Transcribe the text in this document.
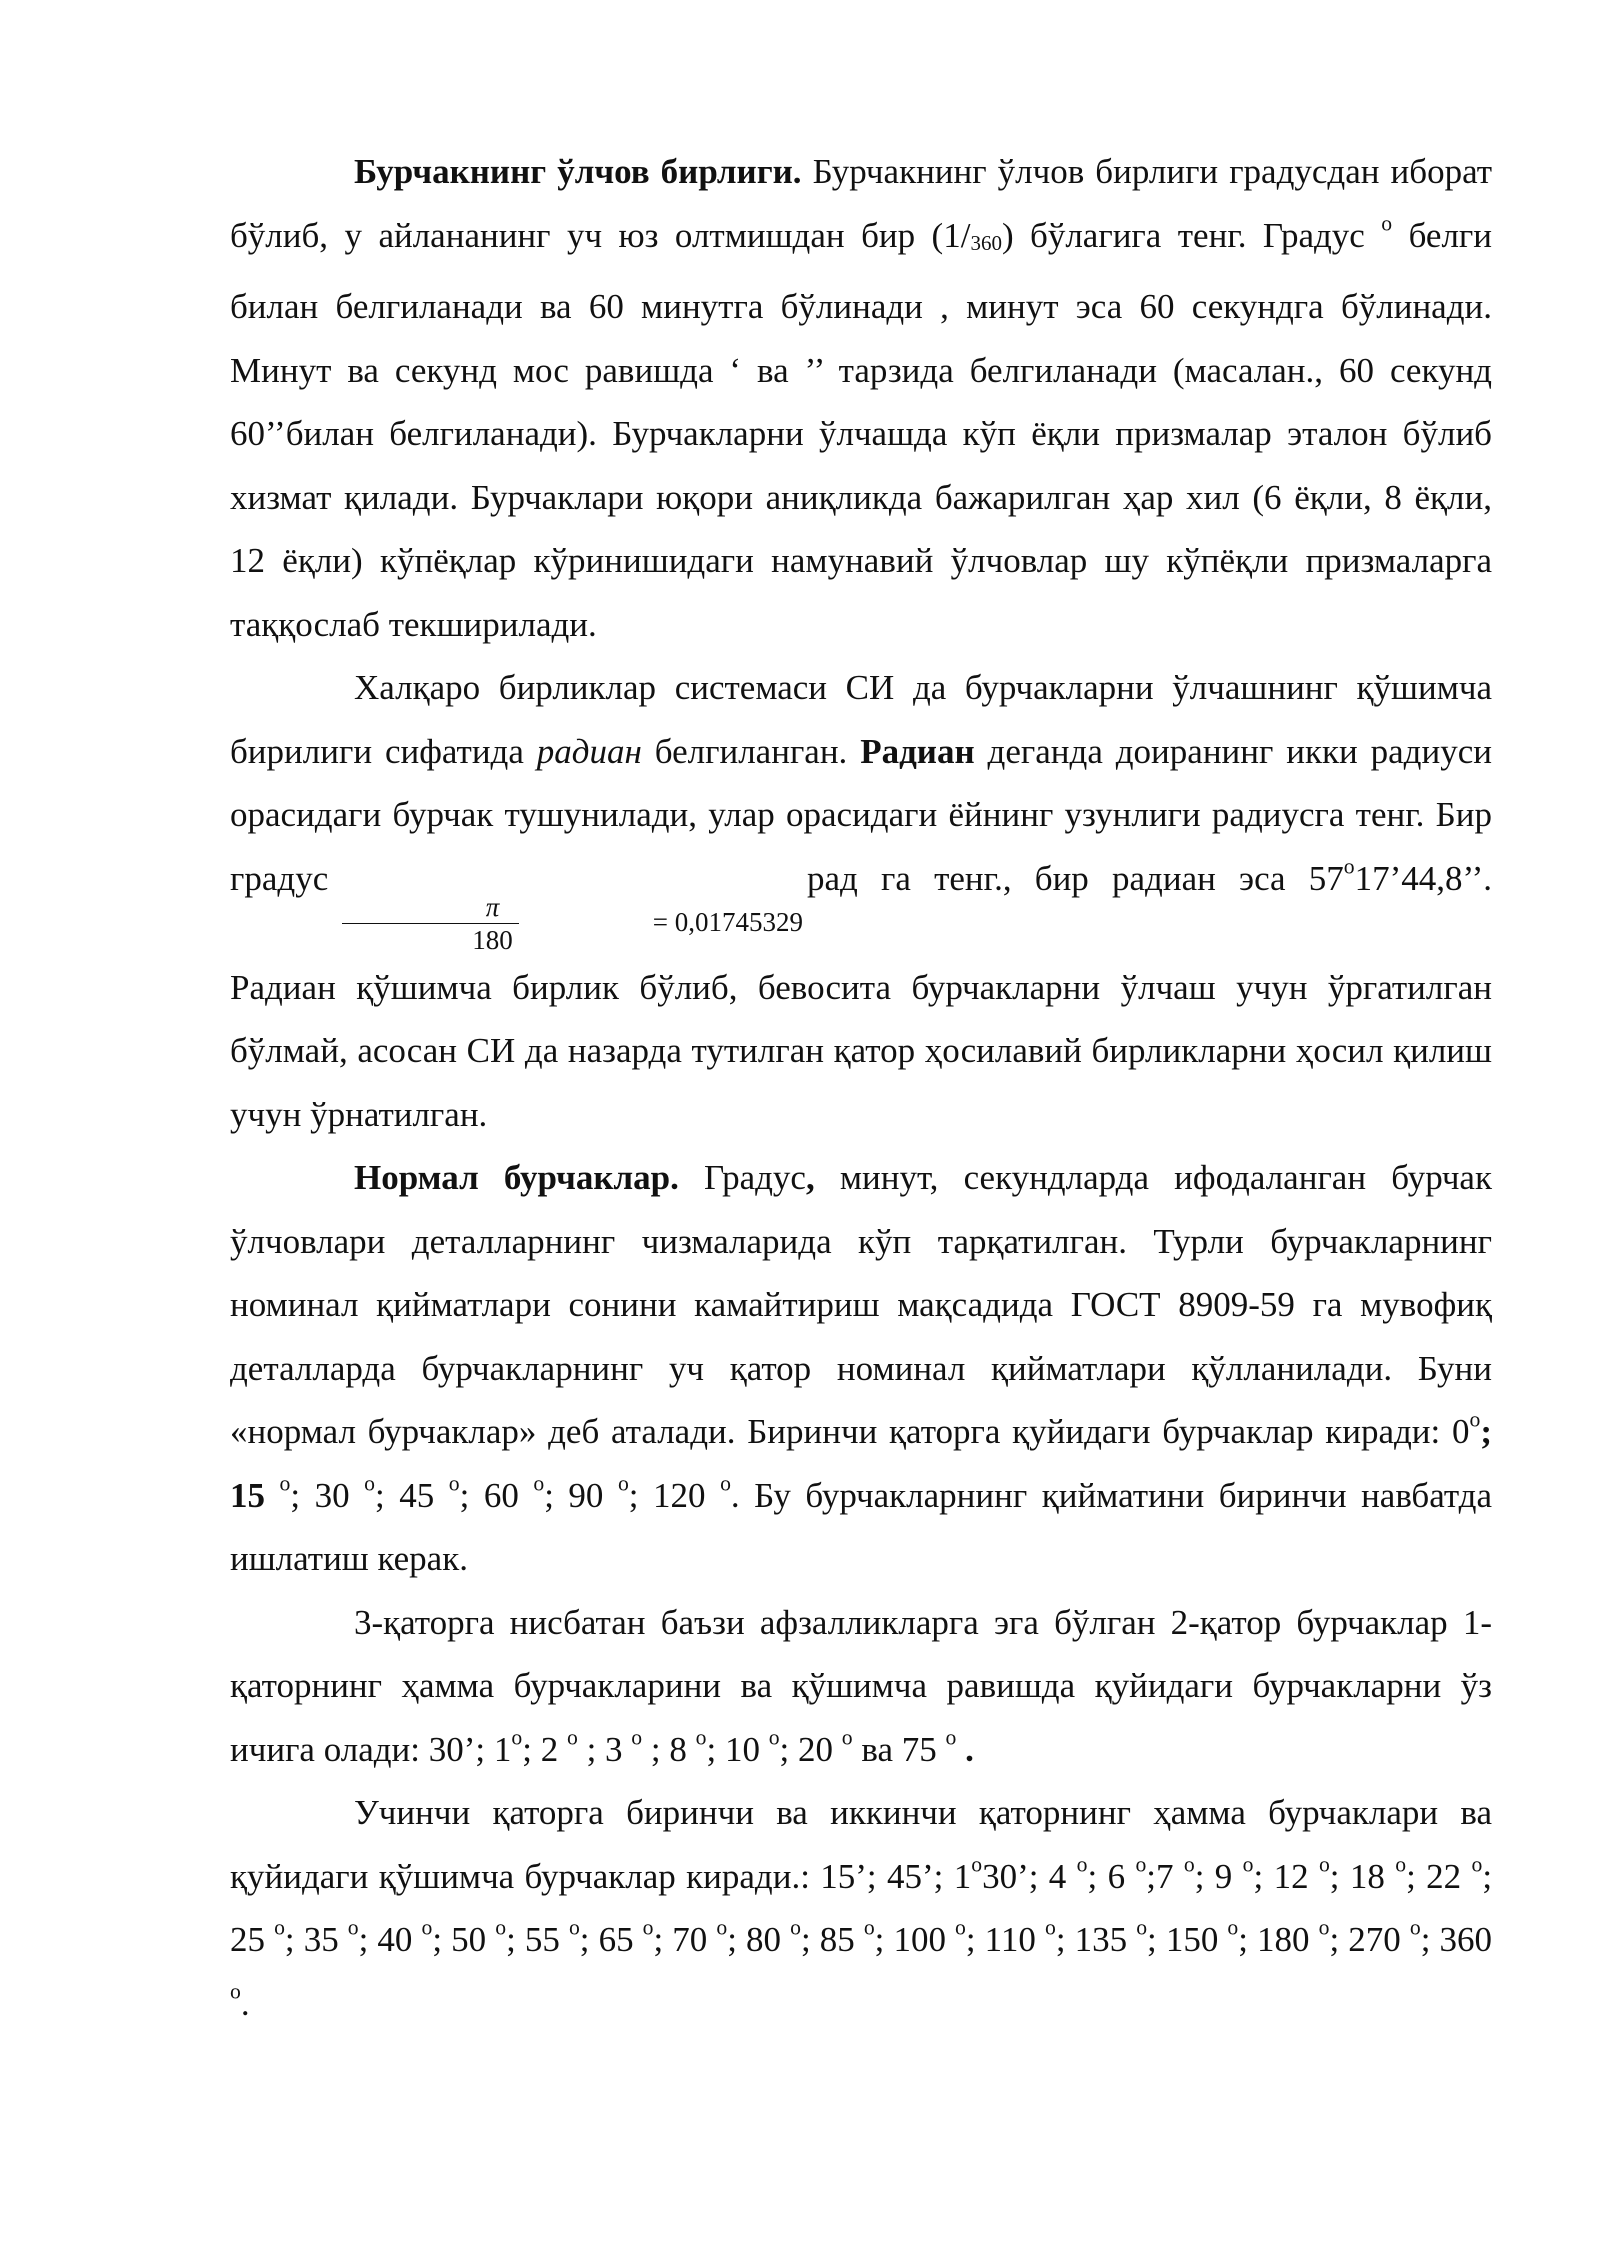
Бурчакнинг ўлчов бирлиги. Бурчакнинг ўлчов бирлиги градусдан иборат бўлиб, у айлананинг уч юз олтмишдан бир (1/360) бўлагига тенг. Градус $^o$ белги билан белгиланади ва 60 минутга бўлинади , минут эса 60 секундга бўлинади. Минут ва секунд мос равишда ‘ ва ’’ тарзида белгиланади (масалан., 60 секунд 60’’билан белгиланади). Бурчакларни ўлчашда кўп ёқли призмалар эталон бўлиб хизмат қилади. Бурчаклари юқори аниқликда бажарилган ҳар хил (6 ёқли, 8 ёқли, 12 ёқли) кўпёқлар кўринишидаги намунавий ўлчовлар шу кўпёқли призмаларга таққослаб текширилади.

Халқаро бирликлар системаси СИ да бурчакларни ўлчашнинг қўшимча бирилиги сифатида радиан белгиланган. Радиан деганда доиранинг икки радиуси орасидаги бурчак тушунилади, улар орасидаги ёйнинг узунлиги радиусга тенг. Бир градус
$\frac{\pi}{180}$	= 0,01745329
рад га тенг., бир радиан эса 57$^o$17’44,8’’. Радиан қўшимча бирлик бўлиб, бевосита бурчакларни ўлчаш учун ўргатилган бўлмай, асосан СИ да назарда тутилган қатор ҳосилавий бирликларни ҳосил қилиш учун ўрнатилган.

Нормал бурчаклар. Градус, минут, секундларда ифодаланган бурчак ўлчовлари деталларнинг чизмаларида кўп тарқатилган. Турли бурчакларнинг номинал қийматлари сонини камайтириш мақсадида ГОСТ 8909-59 га мувофиқ деталларда бурчакларнинг уч қатор номинал қийматлари қўлланилади. Буни «нормал бурчаклар» деб аталади. Биринчи қаторга қуйидаги бурчаклар киради: 0$^o$; 15 $^o$; 30 $^o$; 45 $^o$; 60 $^o$; 90 $^o$; 120 $^o$. Бу бурчакларнинг қийматини биринчи навбатда ишлатиш керак.

3-қаторга нисбатан баъзи афзалликларга эга бўлган 2-қатор бурчаклар 1-қаторнинг ҳамма бурчакларини ва қўшимча равишда қуйидаги бурчакларни ўз ичига олади: 30’; 1$^o$; 2 $^o$ ; 3 $^o$ ; 8 $^o$; 10 $^o$; 20 $^o$ ва 75 $^o$ .

Учинчи қаторга биринчи ва иккинчи қаторнинг ҳамма бурчаклари ва қуйидаги қўшимча бурчаклар киради.: 15’; 45’; 1$^o$30’; 4 $^o$; 6 $^o$;7 $^o$; 9 $^o$; 12 $^o$; 18 $^o$; 22 $^o$; 25 $^o$; 35 $^o$; 40 $^o$; 50 $^o$; 55 $^o$; 65 $^o$; 70 $^o$; 80 $^o$; 85 $^o$; 100 $^o$; 110 $^o$; 135 $^o$; 150 $^o$; 180 $^o$; 270 $^o$; 360 $^o$.
